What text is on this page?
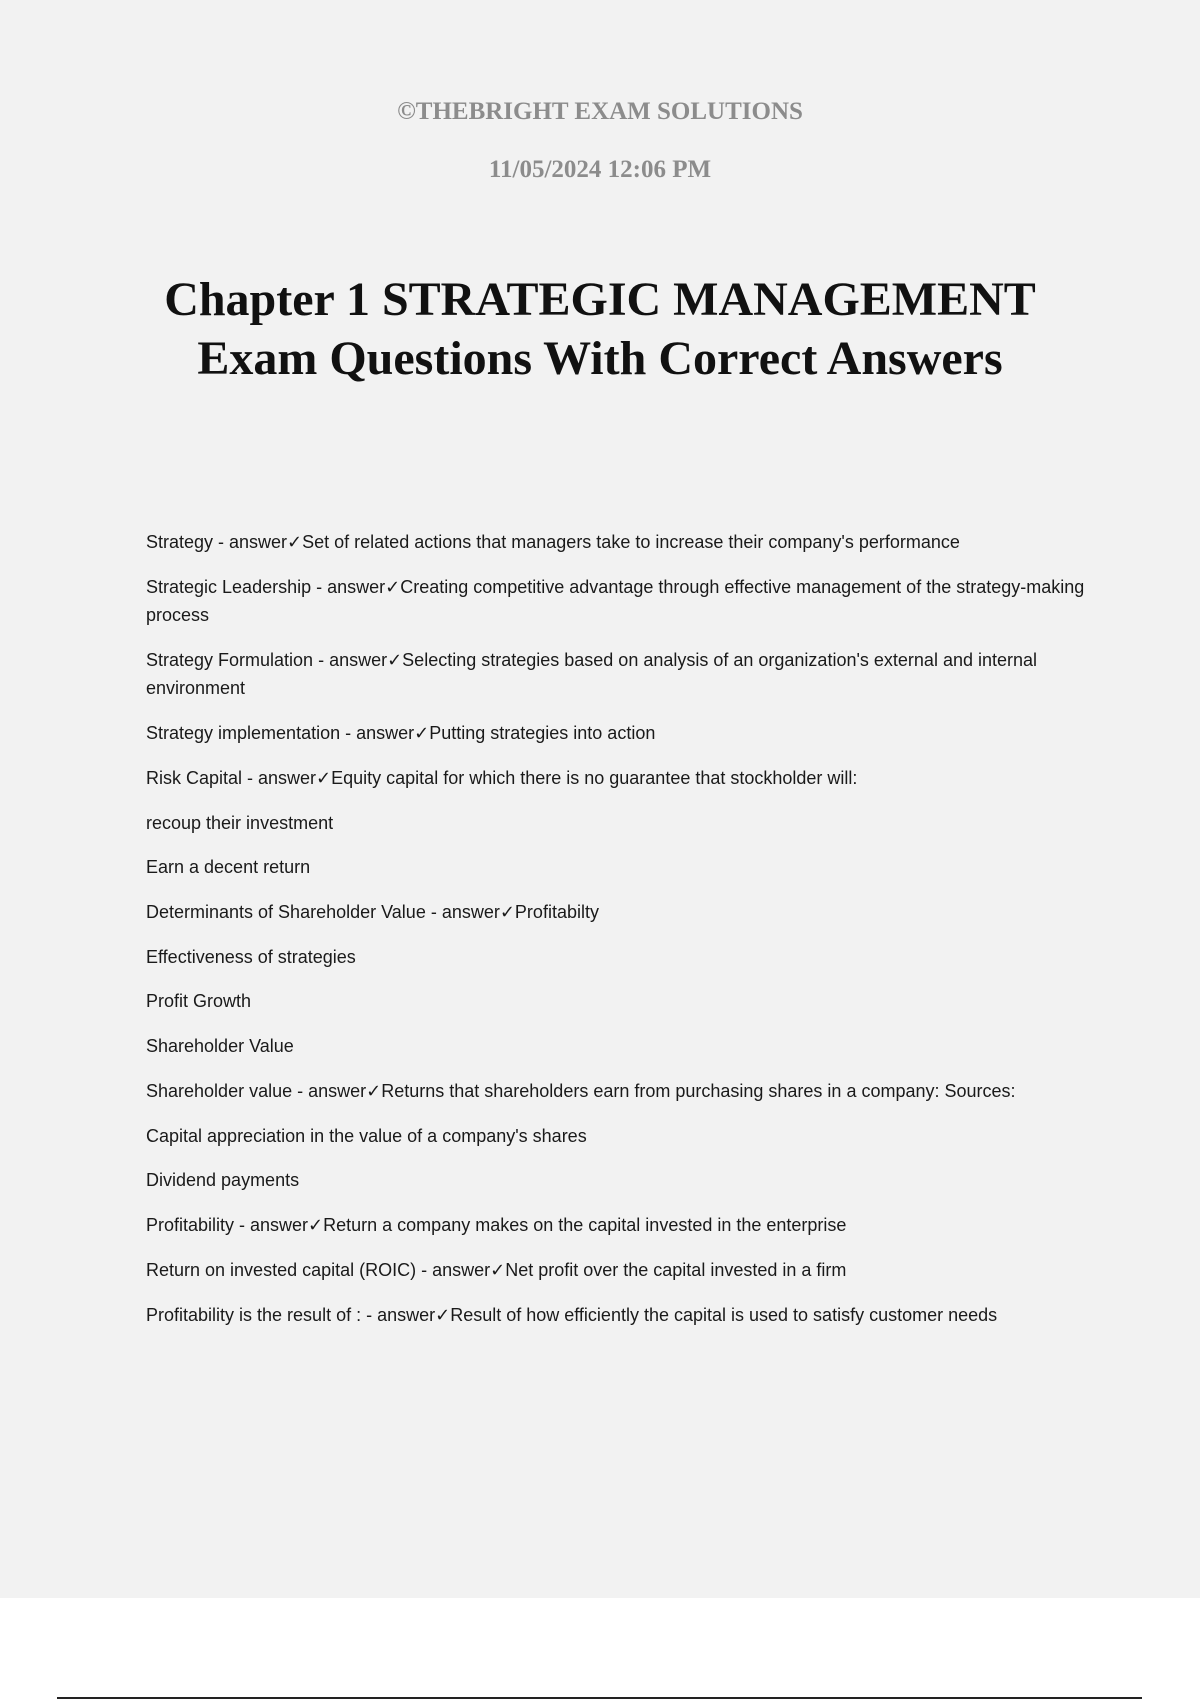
©THEBRIGHT EXAM SOLUTIONS

11/05/2024 12:06 PM

Chapter 1 STRATEGIC MANAGEMENT
Exam Questions With Correct Answers
Strategy - answer✓Set of related actions that managers take to increase their company's performance
Strategic Leadership - answer✓Creating competitive advantage through effective management of the strategy-making process
Strategy Formulation - answer✓Selecting strategies based on analysis of an organization's external and internal environment
Strategy implementation - answer✓Putting strategies into action
Risk Capital - answer✓Equity capital for which there is no guarantee that stockholder will:
recoup their investment
Earn a decent return
Determinants of Shareholder Value - answer✓Profitabilty
Effectiveness of strategies
Profit Growth
Shareholder Value
Shareholder value - answer✓Returns that shareholders earn from purchasing shares in a company: Sources:
Capital appreciation in the value of a company's shares
Dividend payments
Profitability - answer✓Return a company makes on the capital invested in the enterprise
Return on invested capital (ROIC) - answer✓Net profit over the capital invested in a firm
Profitability is the result of : - answer✓Result of how efficiently the capital is used to satisfy customer needs
